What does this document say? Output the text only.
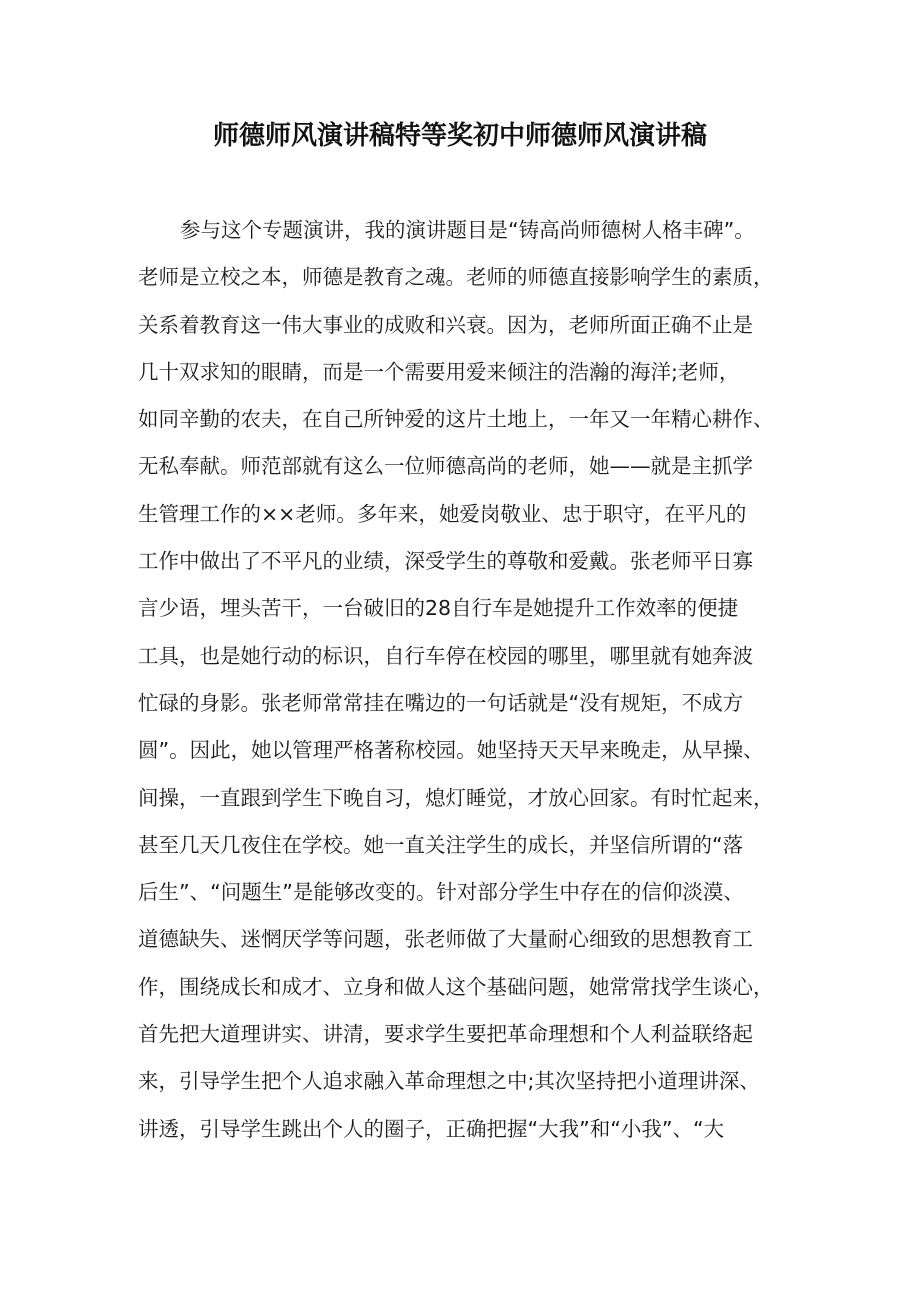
师德师风演讲稿特等奖初中师德师风演讲稿
参与这个专题演讲，我的演讲题目是“铸高尚师德树人格丰碑”。
老师是立校之本，师德是教育之魂。老师的师德直接影响学生的素质，
关系着教育这一伟大事业的成败和兴衰。因为，老师所面正确不止是
几十双求知的眼睛，而是一个需要用爱来倾注的浩瀚的海洋;老师，
如同辛勤的农夫，在自己所钟爱的这片土地上，一年又一年精心耕作、
无私奉献。师范部就有这么一位师德高尚的老师，她——就是主抓学
生管理工作的××老师。多年来，她爱岗敬业、忠于职守，在平凡的
工作中做出了不平凡的业绩，深受学生的尊敬和爱戴。张老师平日寡
言少语，埋头苦干，一台破旧的28自行车是她提升工作效率的便捷
工具，也是她行动的标识，自行车停在校园的哪里，哪里就有她奔波
忙碌的身影。张老师常常挂在嘴边的一句话就是“没有规矩，不成方
圆”。因此，她以管理严格著称校园。她坚持天天早来晚走，从早操、
间操，一直跟到学生下晚自习，熄灯睡觉，才放心回家。有时忙起来，
甚至几天几夜住在学校。她一直关注学生的成长，并坚信所谓的“落
后生”、“问题生”是能够改变的。针对部分学生中存在的信仰淡漠、
道德缺失、迷惘厌学等问题，张老师做了大量耐心细致的思想教育工
作，围绕成长和成才、立身和做人这个基础问题，她常常找学生谈心，
首先把大道理讲实、讲清，要求学生要把革命理想和个人利益联络起
来，引导学生把个人追求融入革命理想之中;其次坚持把小道理讲深、
讲透，引导学生跳出个人的圈子，正确把握“大我”和“小我”、“大
